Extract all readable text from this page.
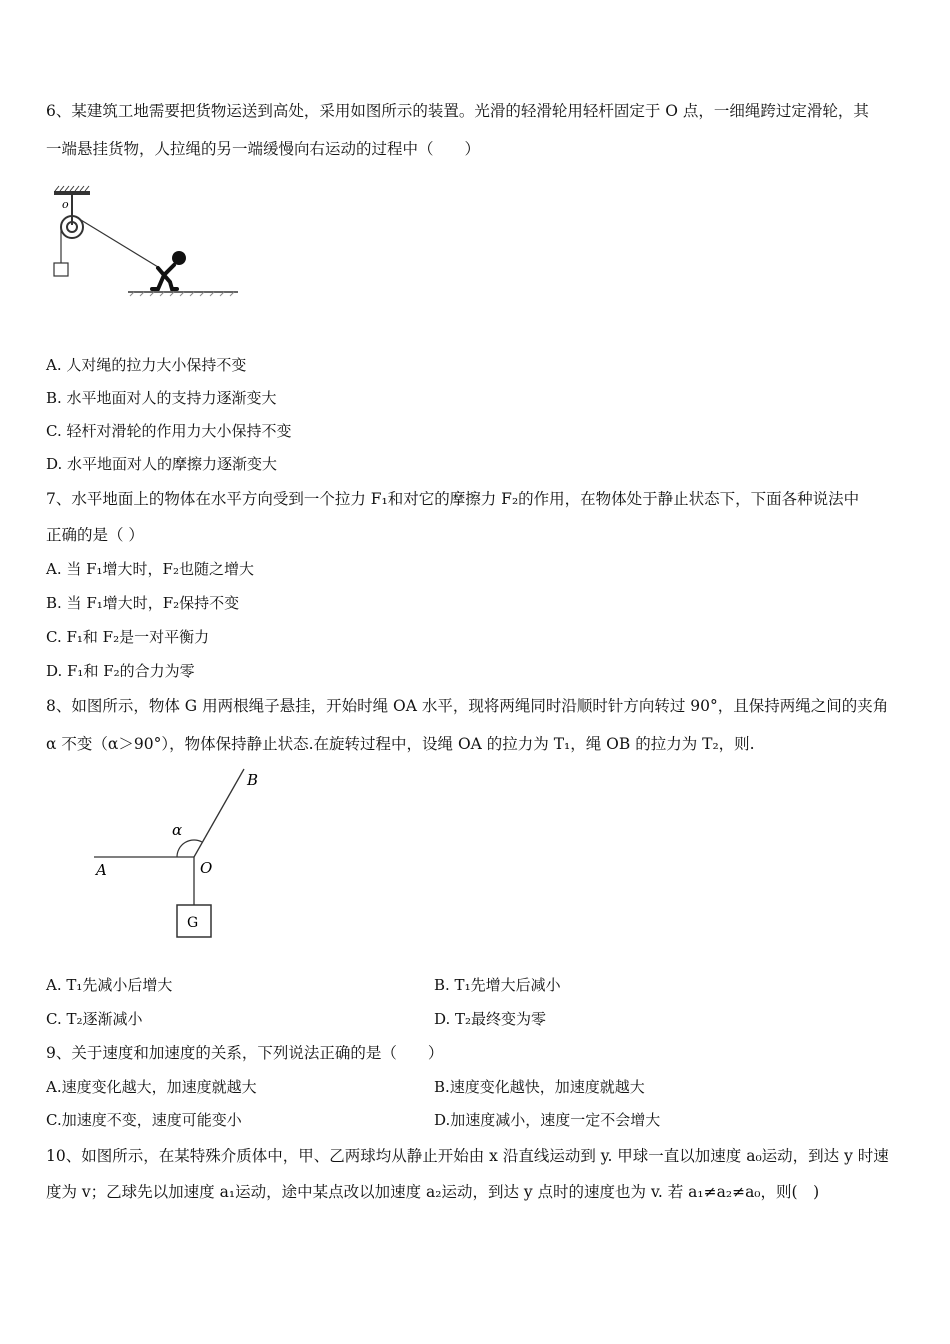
6、某建筑工地需要把货物运送到高处，采用如图所示的装置。光滑的轻滑轮用轻杆固定于 O 点，一细绳跨过定滑轮，其
一端悬挂货物，人拉绳的另一端缓慢向右运动的过程中（　　）
o
A. 人对绳的拉力大小保持不变
B. 水平地面对人的支持力逐渐变大
C. 轻杆对滑轮的作用力大小保持不变
D. 水平地面对人的摩擦力逐渐变大
7、水平地面上的物体在水平方向受到一个拉力 F₁和对它的摩擦力 F₂的作用，在物体处于静止状态下，下面各种说法中
正确的是（ ）
A. 当 F₁增大时，F₂也随之增大
B. 当 F₁增大时，F₂保持不变
C. F₁和 F₂是一对平衡力
D. F₁和 F₂的合力为零
8、如图所示，物体 G 用两根绳子悬挂，开始时绳 OA 水平，现将两绳同时沿顺时针方向转过 90°，且保持两绳之间的夹角
α 不变（α＞90°），物体保持静止状态.在旋转过程中，设绳 OA 的拉力为 T₁，绳 OB 的拉力为 T₂，则.
A
B
O
α
G
A. T₁先减小后增大	B. T₁先增大后减小
C. T₂逐渐减小	D. T₂最终变为零
9、关于速度和加速度的关系，下列说法正确的是（　　）
A.速度变化越大，加速度就越大	B.速度变化越快，加速度就越大
C.加速度不变，速度可能变小	D.加速度减小，速度一定不会增大
10、如图所示，在某特殊介质体中，甲、乙两球均从静止开始由 x 沿直线运动到 y. 甲球一直以加速度 a₀运动，到达 y 时速
度为 v；乙球先以加速度 a₁运动，途中某点改以加速度 a₂运动，到达 y 点时的速度也为 v. 若 a₁≠a₂≠a₀，则(　)
